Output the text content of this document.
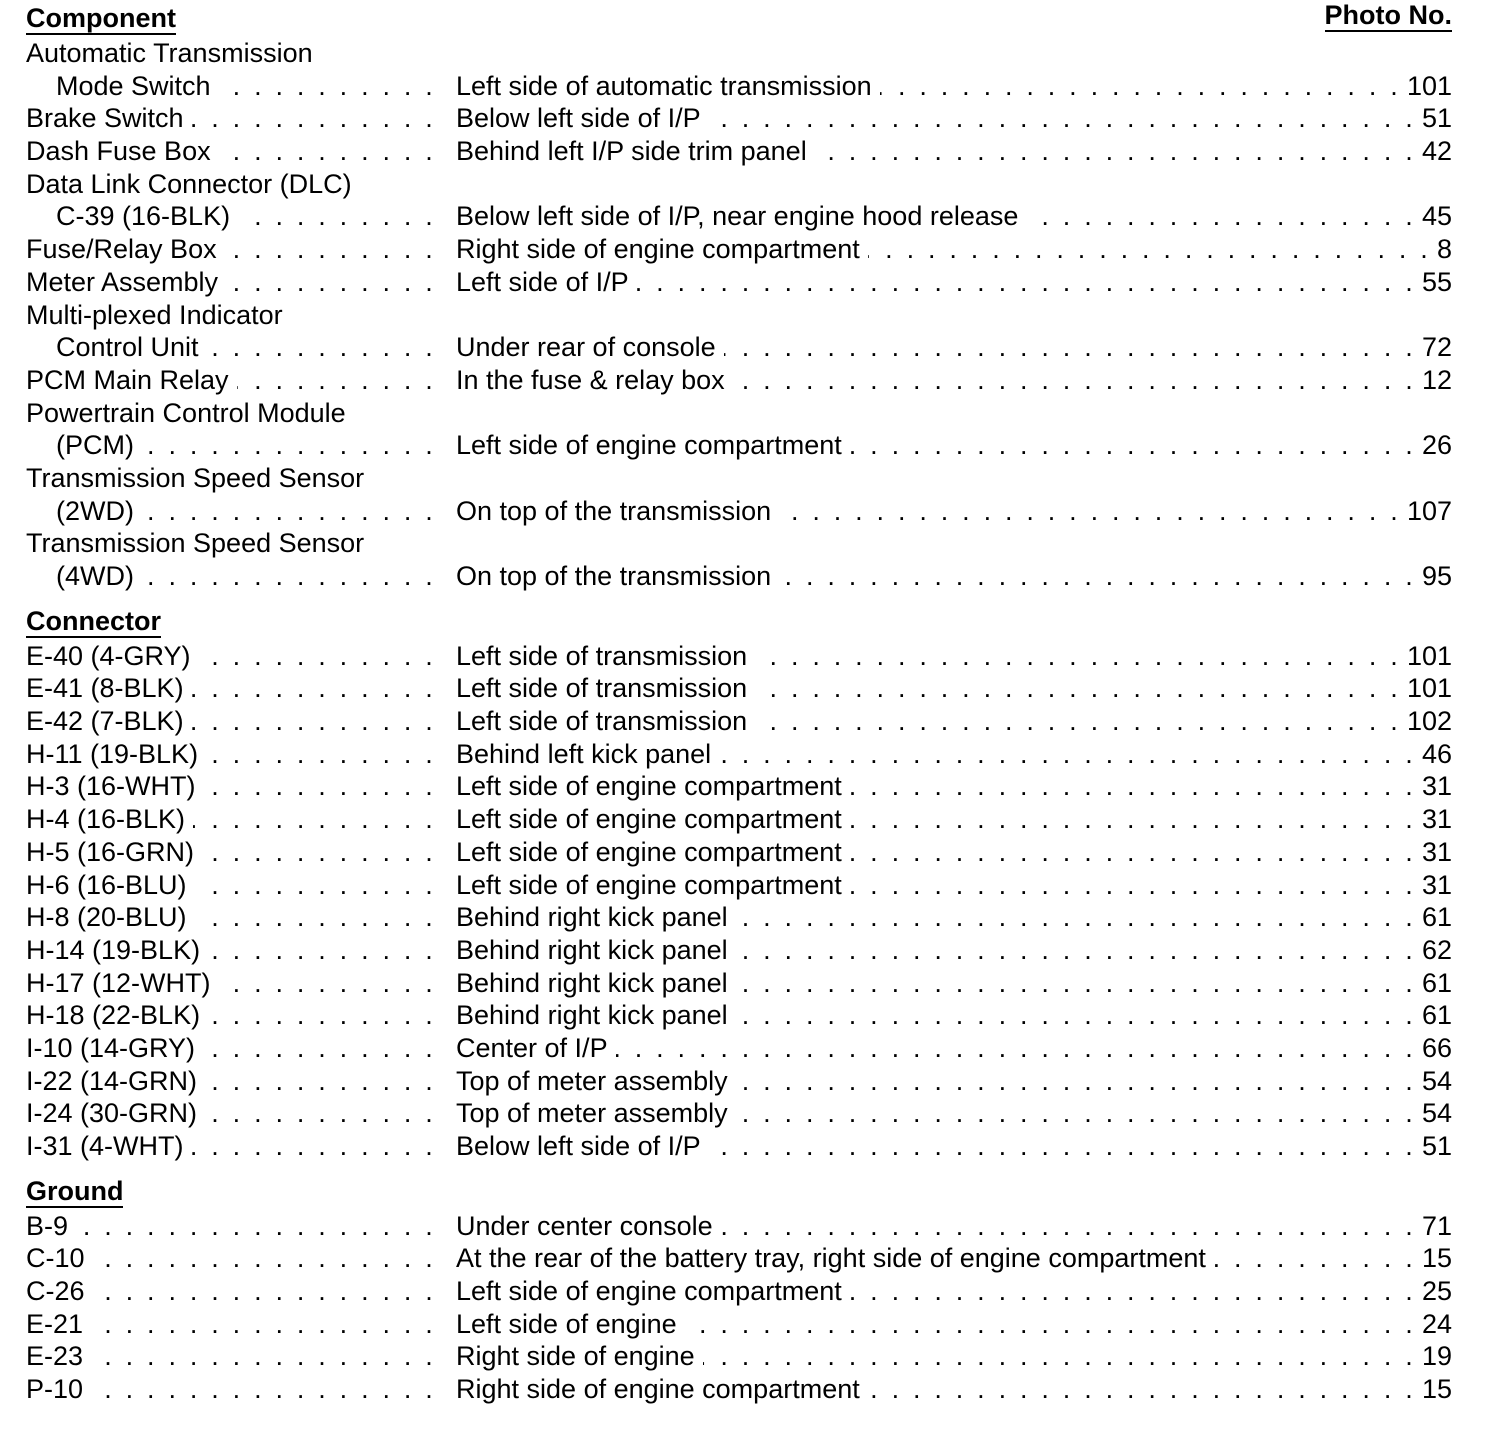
Component	Photo No.
Automatic Transmission
Mode Switch . . .	Left side of automatic transmission . . .	101
Brake Switch . . .	Below left side of I/P . . .	51
Dash Fuse Box . . .	Behind left I/P side trim panel . . .	42
Data Link Connector (DLC)
C-39 (16-BLK) . . .	Below left side of I/P, near engine hood release . . .	45
Fuse/Relay Box . . .	Right side of engine compartment . . .	8
Meter Assembly . . .	Left side of I/P . . .	55
Multi-plexed Indicator
Control Unit . . .	Under rear of console . . .	72
PCM Main Relay . . .	In the fuse & relay box . . .	12
Powertrain Control Module
(PCM) . . .	Left side of engine compartment . . .	26
Transmission Speed Sensor
(2WD) . . .	On top of the transmission . . .	107
Transmission Speed Sensor
(4WD) . . .	On top of the transmission . . .	95
Connector
E-40 (4-GRY) . . .	Left side of transmission . . .	101
E-41 (8-BLK) . . .	Left side of transmission . . .	101
E-42 (7-BLK) . . .	Left side of transmission . . .	102
H-11 (19-BLK) . . .	Behind left kick panel . . .	46
H-3 (16-WHT) . . .	Left side of engine compartment . . .	31
H-4 (16-BLK) . . .	Left side of engine compartment . . .	31
H-5 (16-GRN) . . .	Left side of engine compartment . . .	31
H-6 (16-BLU) . . .	Left side of engine compartment . . .	31
H-8 (20-BLU) . . .	Behind right kick panel . . .	61
H-14 (19-BLK) . . .	Behind right kick panel . . .	62
H-17 (12-WHT) . . .	Behind right kick panel . . .	61
H-18 (22-BLK) . . .	Behind right kick panel . . .	61
I-10 (14-GRY) . . .	Center of I/P . . .	66
I-22 (14-GRN) . . .	Top of meter assembly . . .	54
I-24 (30-GRN) . . .	Top of meter assembly . . .	54
I-31 (4-WHT) . . .	Below left side of I/P . . .	51
Ground
B-9 . . .	Under center console . . .	71
C-10 . . .	At the rear of the battery tray, right side of engine compartment . . .	15
C-26 . . .	Left side of engine compartment . . .	25
E-21 . . .	Left side of engine . . .	24
E-23 . . .	Right side of engine . . .	19
P-10 . . .	Right side of engine compartment . . .	15
